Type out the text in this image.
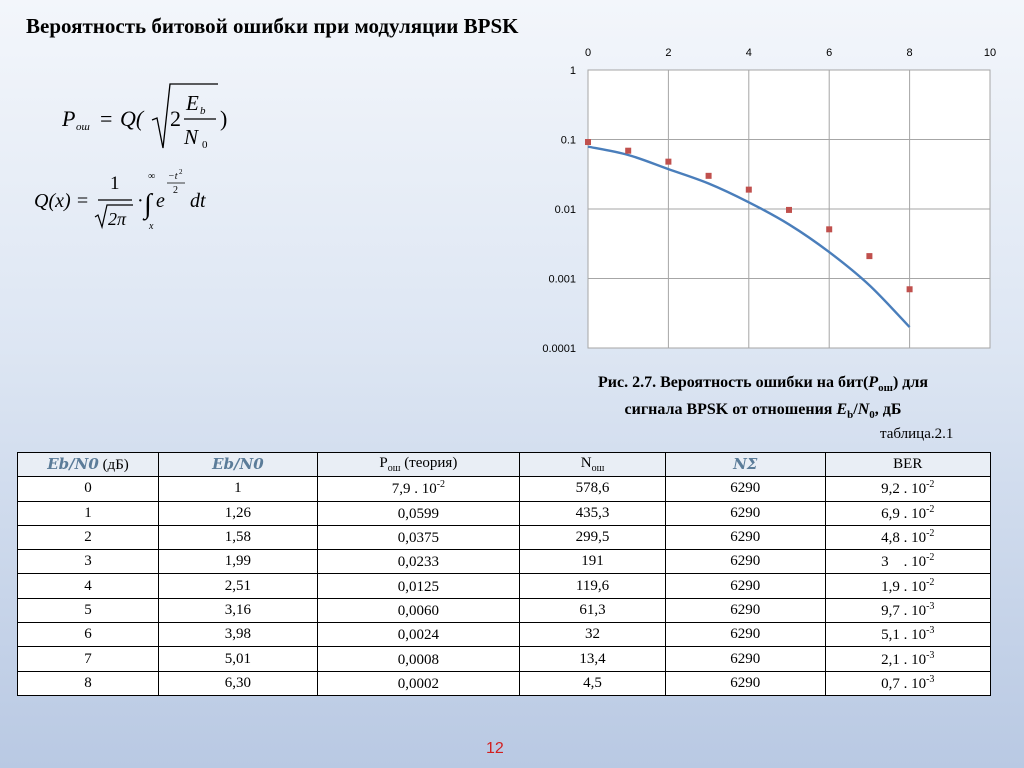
Вероятность битовой ошибки при модуляции BPSK
P ош = Q( 2
E b
N 0
)
Q(x) =
1
2π
·
∞
∫
x
e
−t 2
2 dt
0	2	4	6	8	10
1
0.1
0.01
0.001
0.0001
Рис. 2.7. Вероятность ошибки на $бит(P_{ош})$ для
сигнала BPSK от отношения $E_b/N_0$, дБ
таблица.2.1
Eb/N0 (дБ)	Eb/N0	$P_{ош}$ (теория)	$N_{ош}$	NΣ	BER
0	1	7,9 . $10^{-2}$	578,6	6290	9,2 . $10^{-2}$
1	1,26	0,0599	435,3	6290	6,9 . $10^{-2}$
2	1,58	0,0375	299,5	6290	4,8 . $10^{-2}$
3	1,99	0,0233	191	6290	3    . $10^{-2}$
4	2,51	0,0125	119,6	6290	1,9 . $10^{-2}$
5	3,16	0,0060	61,3	6290	9,7 . $10^{-3}$
6	3,98	0,0024	32	6290	5,1 . $10^{-3}$
7	5,01	0,0008	13,4	6290	2,1 . $10^{-3}$
8	6,30	0,0002	4,5	6290	0,7 . $10^{-3}$
12
